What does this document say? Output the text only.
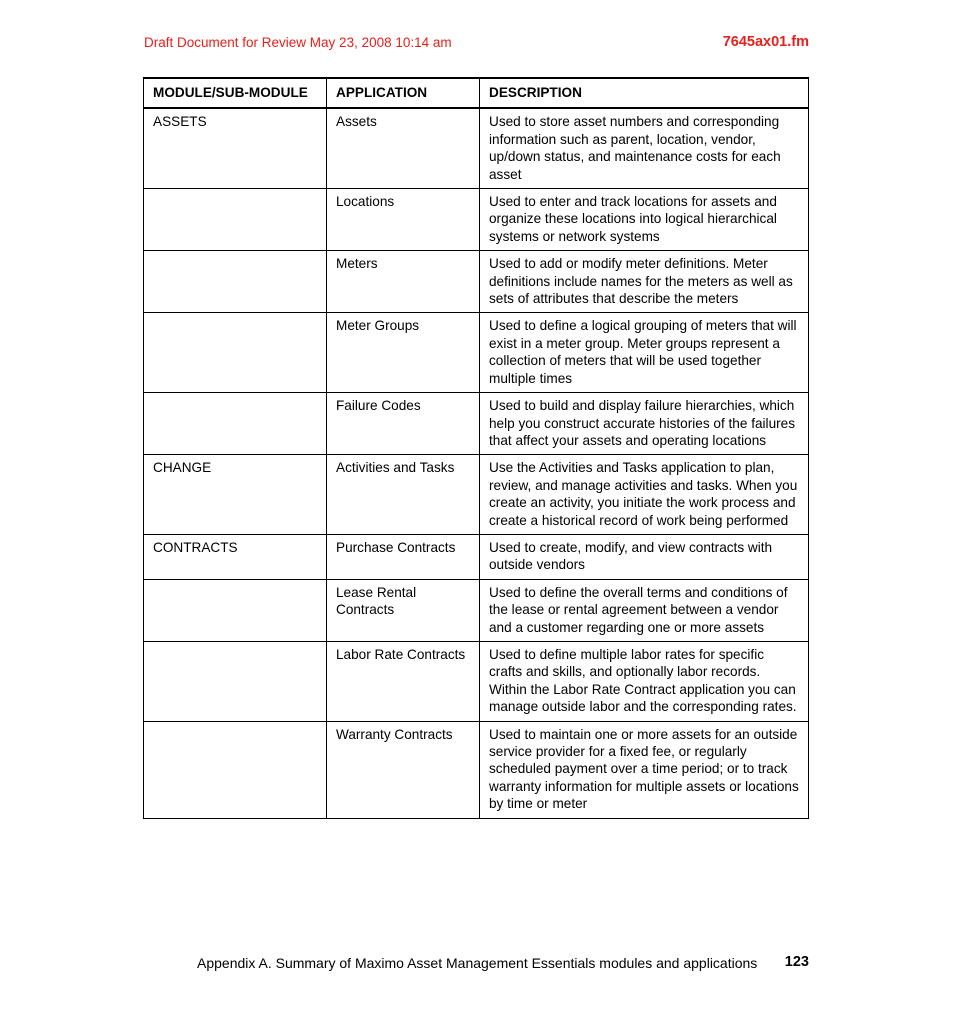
Draft Document for Review May 23, 2008 10:14 am	7645ax01.fm
MODULE/SUB-MODULE	APPLICATION	DESCRIPTION
ASSETS	Assets	Used to store asset numbers and corresponding information such as parent, location, vendor, up/down status, and maintenance costs for each asset
	Locations	Used to enter and track locations for assets and organize these locations into logical hierarchical systems or network systems
	Meters	Used to add or modify meter definitions. Meter definitions include names for the meters as well as sets of attributes that describe the meters
	Meter Groups	Used to define a logical grouping of meters that will exist in a meter group. Meter groups represent a collection of meters that will be used together multiple times
	Failure Codes	Used to build and display failure hierarchies, which help you construct accurate histories of the failures that affect your assets and operating locations
CHANGE	Activities and Tasks	Use the Activities and Tasks application to plan, review, and manage activities and tasks. When you create an activity, you initiate the work process and create a historical record of work being performed
CONTRACTS	Purchase Contracts	Used to create, modify, and view contracts with outside vendors
	Lease Rental Contracts	Used to define the overall terms and conditions of the lease or rental agreement between a vendor and a customer regarding one or more assets
	Labor Rate Contracts	Used to define multiple labor rates for specific crafts and skills, and optionally labor records. Within the Labor Rate Contract application you can manage outside labor and the corresponding rates.
	Warranty Contracts	Used to maintain one or more assets for an outside service provider for a fixed fee, or regularly scheduled payment over a time period; or to track warranty information for multiple assets or locations by time or meter
Appendix A. Summary of Maximo Asset Management Essentials modules and applications 123
